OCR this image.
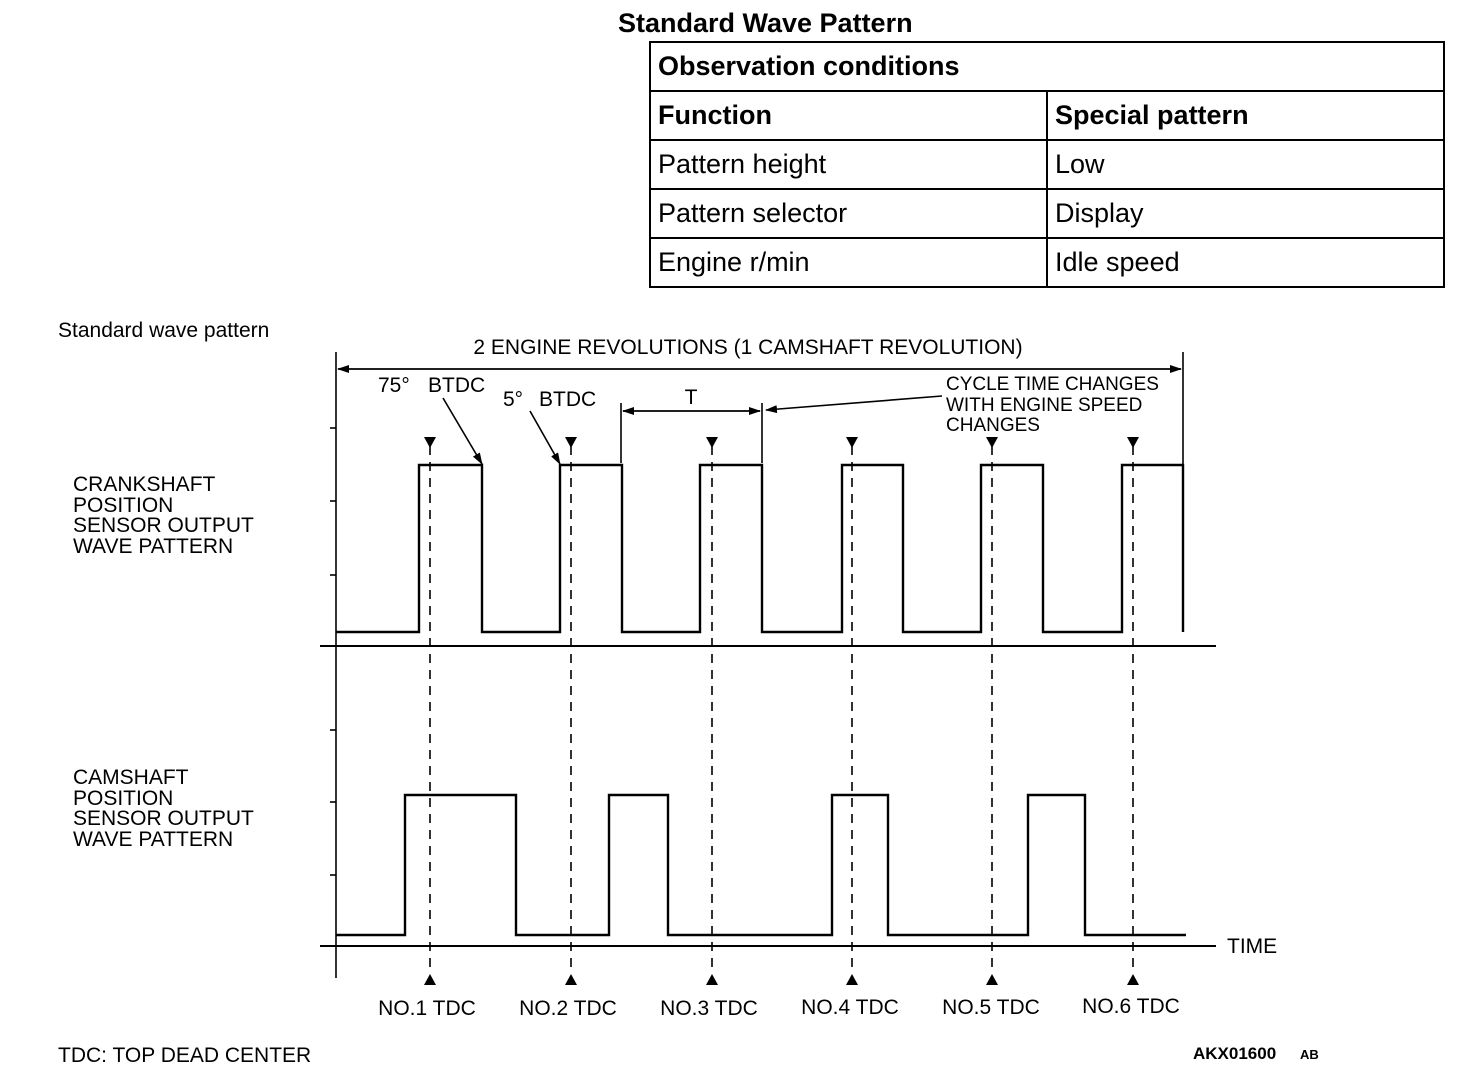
Standard Wave Pattern
Observation conditions	
Function	Special pattern
Pattern height	Low
Pattern selector	Display
Engine r/min	Idle speed
Standard wave pattern
TIME
2 ENGINE REVOLUTIONS (1 CAMSHAFT REVOLUTION)
75° BTDC
5° BTDC	T
CYCLE TIME CHANGES
WITH ENGINE SPEED
CHANGES
CRANKSHAFT
POSITION
SENSOR OUTPUT
WAVE PATTERN
CAMSHAFT
POSITION
SENSOR OUTPUT
WAVE PATTERN
NO.1 TDC NO.2 TDC NO.3 TDC NO.4 TDC NO.5 TDC NO.6 TDC
TDC: TOP DEAD CENTER	AKX01600 AB
